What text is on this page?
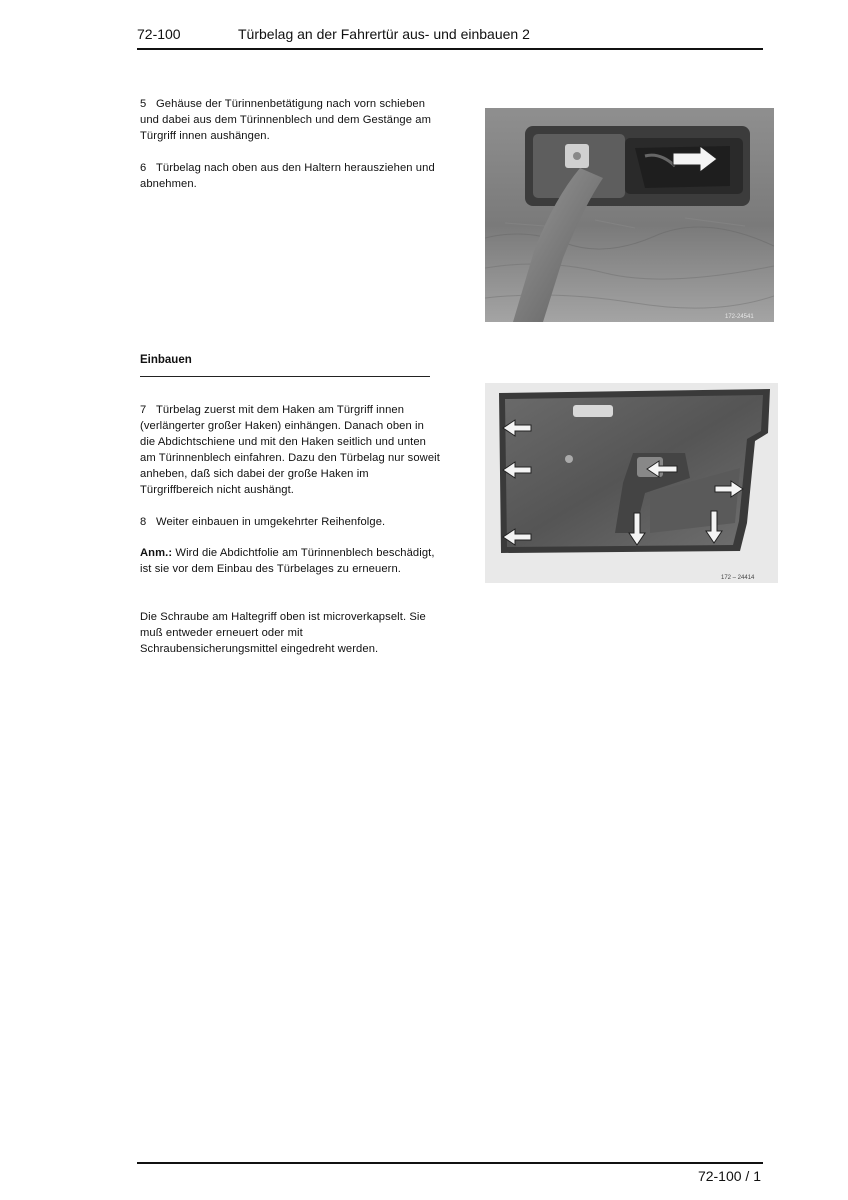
72-100	Türbelag an der Fahrertür aus- und einbauen 2

5 Gehäuse der Türinnenbetätigung nach vorn schieben und dabei aus dem Türinnenblech und dem Gestänge am Türgriff innen aushängen.

6 Türbelag nach oben aus den Haltern herausziehen und abnehmen.

Einbauen

7 Türbelag zuerst mit dem Haken am Türgriff innen (verlängerter großer Haken) einhängen. Danach oben in die Abdichtschiene und mit den Haken seitlich und unten am Türinnenblech einfahren. Dazu den Türbelag nur soweit anheben, daß sich dabei der große Haken im Türgriffbereich nicht aushängt.

8 Weiter einbauen in umgekehrter Reihenfolge.

Anm.: Wird die Abdichtfolie am Türinnenblech beschädigt, ist sie vor dem Einbau des Türbelages zu erneuern.

Die Schraube am Haltegriff oben ist microverkapselt. Sie muß entweder erneuert oder mit Schraubensicherungsmittel eingedreht werden.

172-24541
172 – 24414
72-100 / 1
